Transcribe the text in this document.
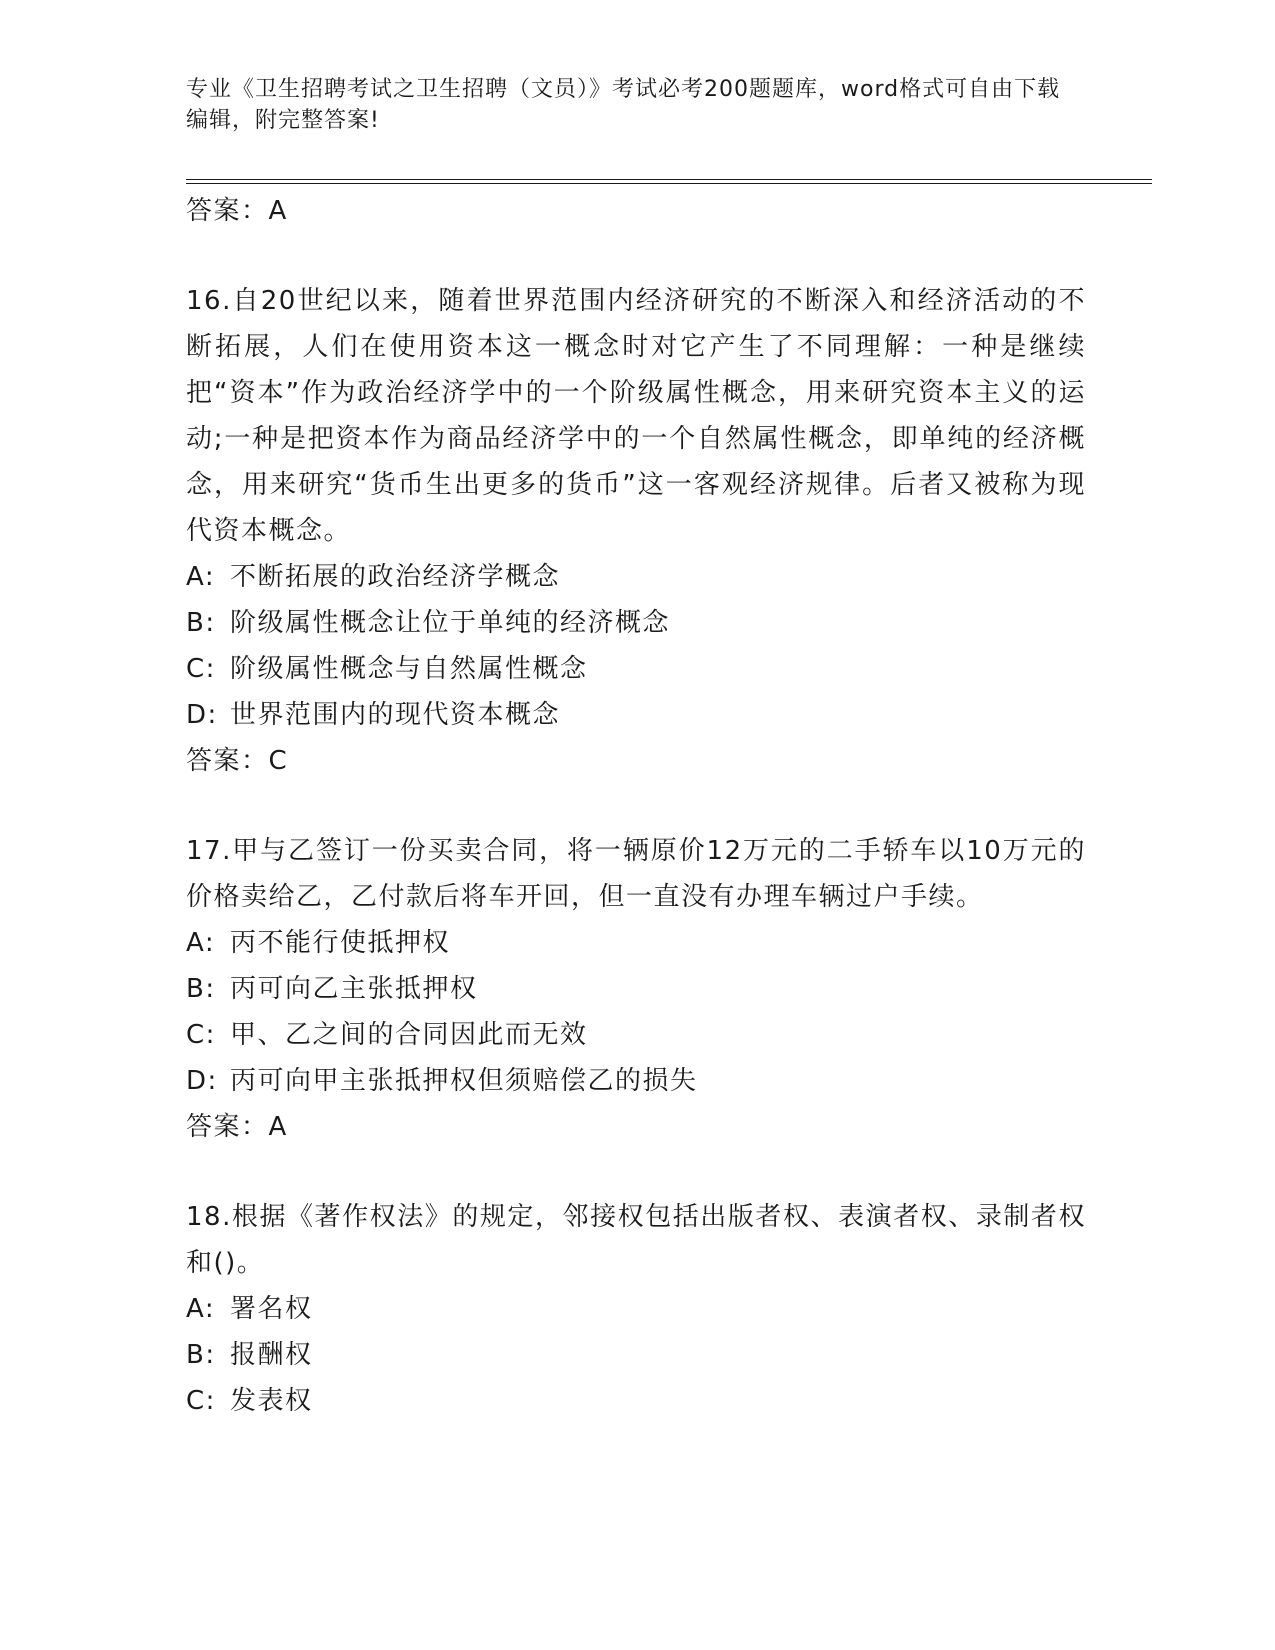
专业《卫生招聘考试之卫生招聘（文员）》考试必考200题题库，word格式可自由下载编辑，附完整答案!
答案：A
16.自20世纪以来，随着世界范围内经济研究的不断深入和经济活动的不断拓展，人们在使用资本这一概念时对它产生了不同理解：一种是继续把“资本”作为政治经济学中的一个阶级属性概念，用来研究资本主义的运动;一种是把资本作为商品经济学中的一个自然属性概念，即单纯的经济概念，用来研究“货币生出更多的货币”这一客观经济规律。后者又被称为现代资本概念。
A: 不断拓展的政治经济学概念
B: 阶级属性概念让位于单纯的经济概念
C: 阶级属性概念与自然属性概念
D: 世界范围内的现代资本概念
答案：C
17.甲与乙签订一份买卖合同，将一辆原价12万元的二手轿车以10万元的价格卖给乙，乙付款后将车开回，但一直没有办理车辆过户手续。
A: 丙不能行使抵押权
B: 丙可向乙主张抵押权
C: 甲、乙之间的合同因此而无效
D: 丙可向甲主张抵押权但须赔偿乙的损失
答案：A
18.根据《著作权法》的规定，邻接权包括出版者权、表演者权、录制者权和()。
A: 署名权
B: 报酬权
C: 发表权
